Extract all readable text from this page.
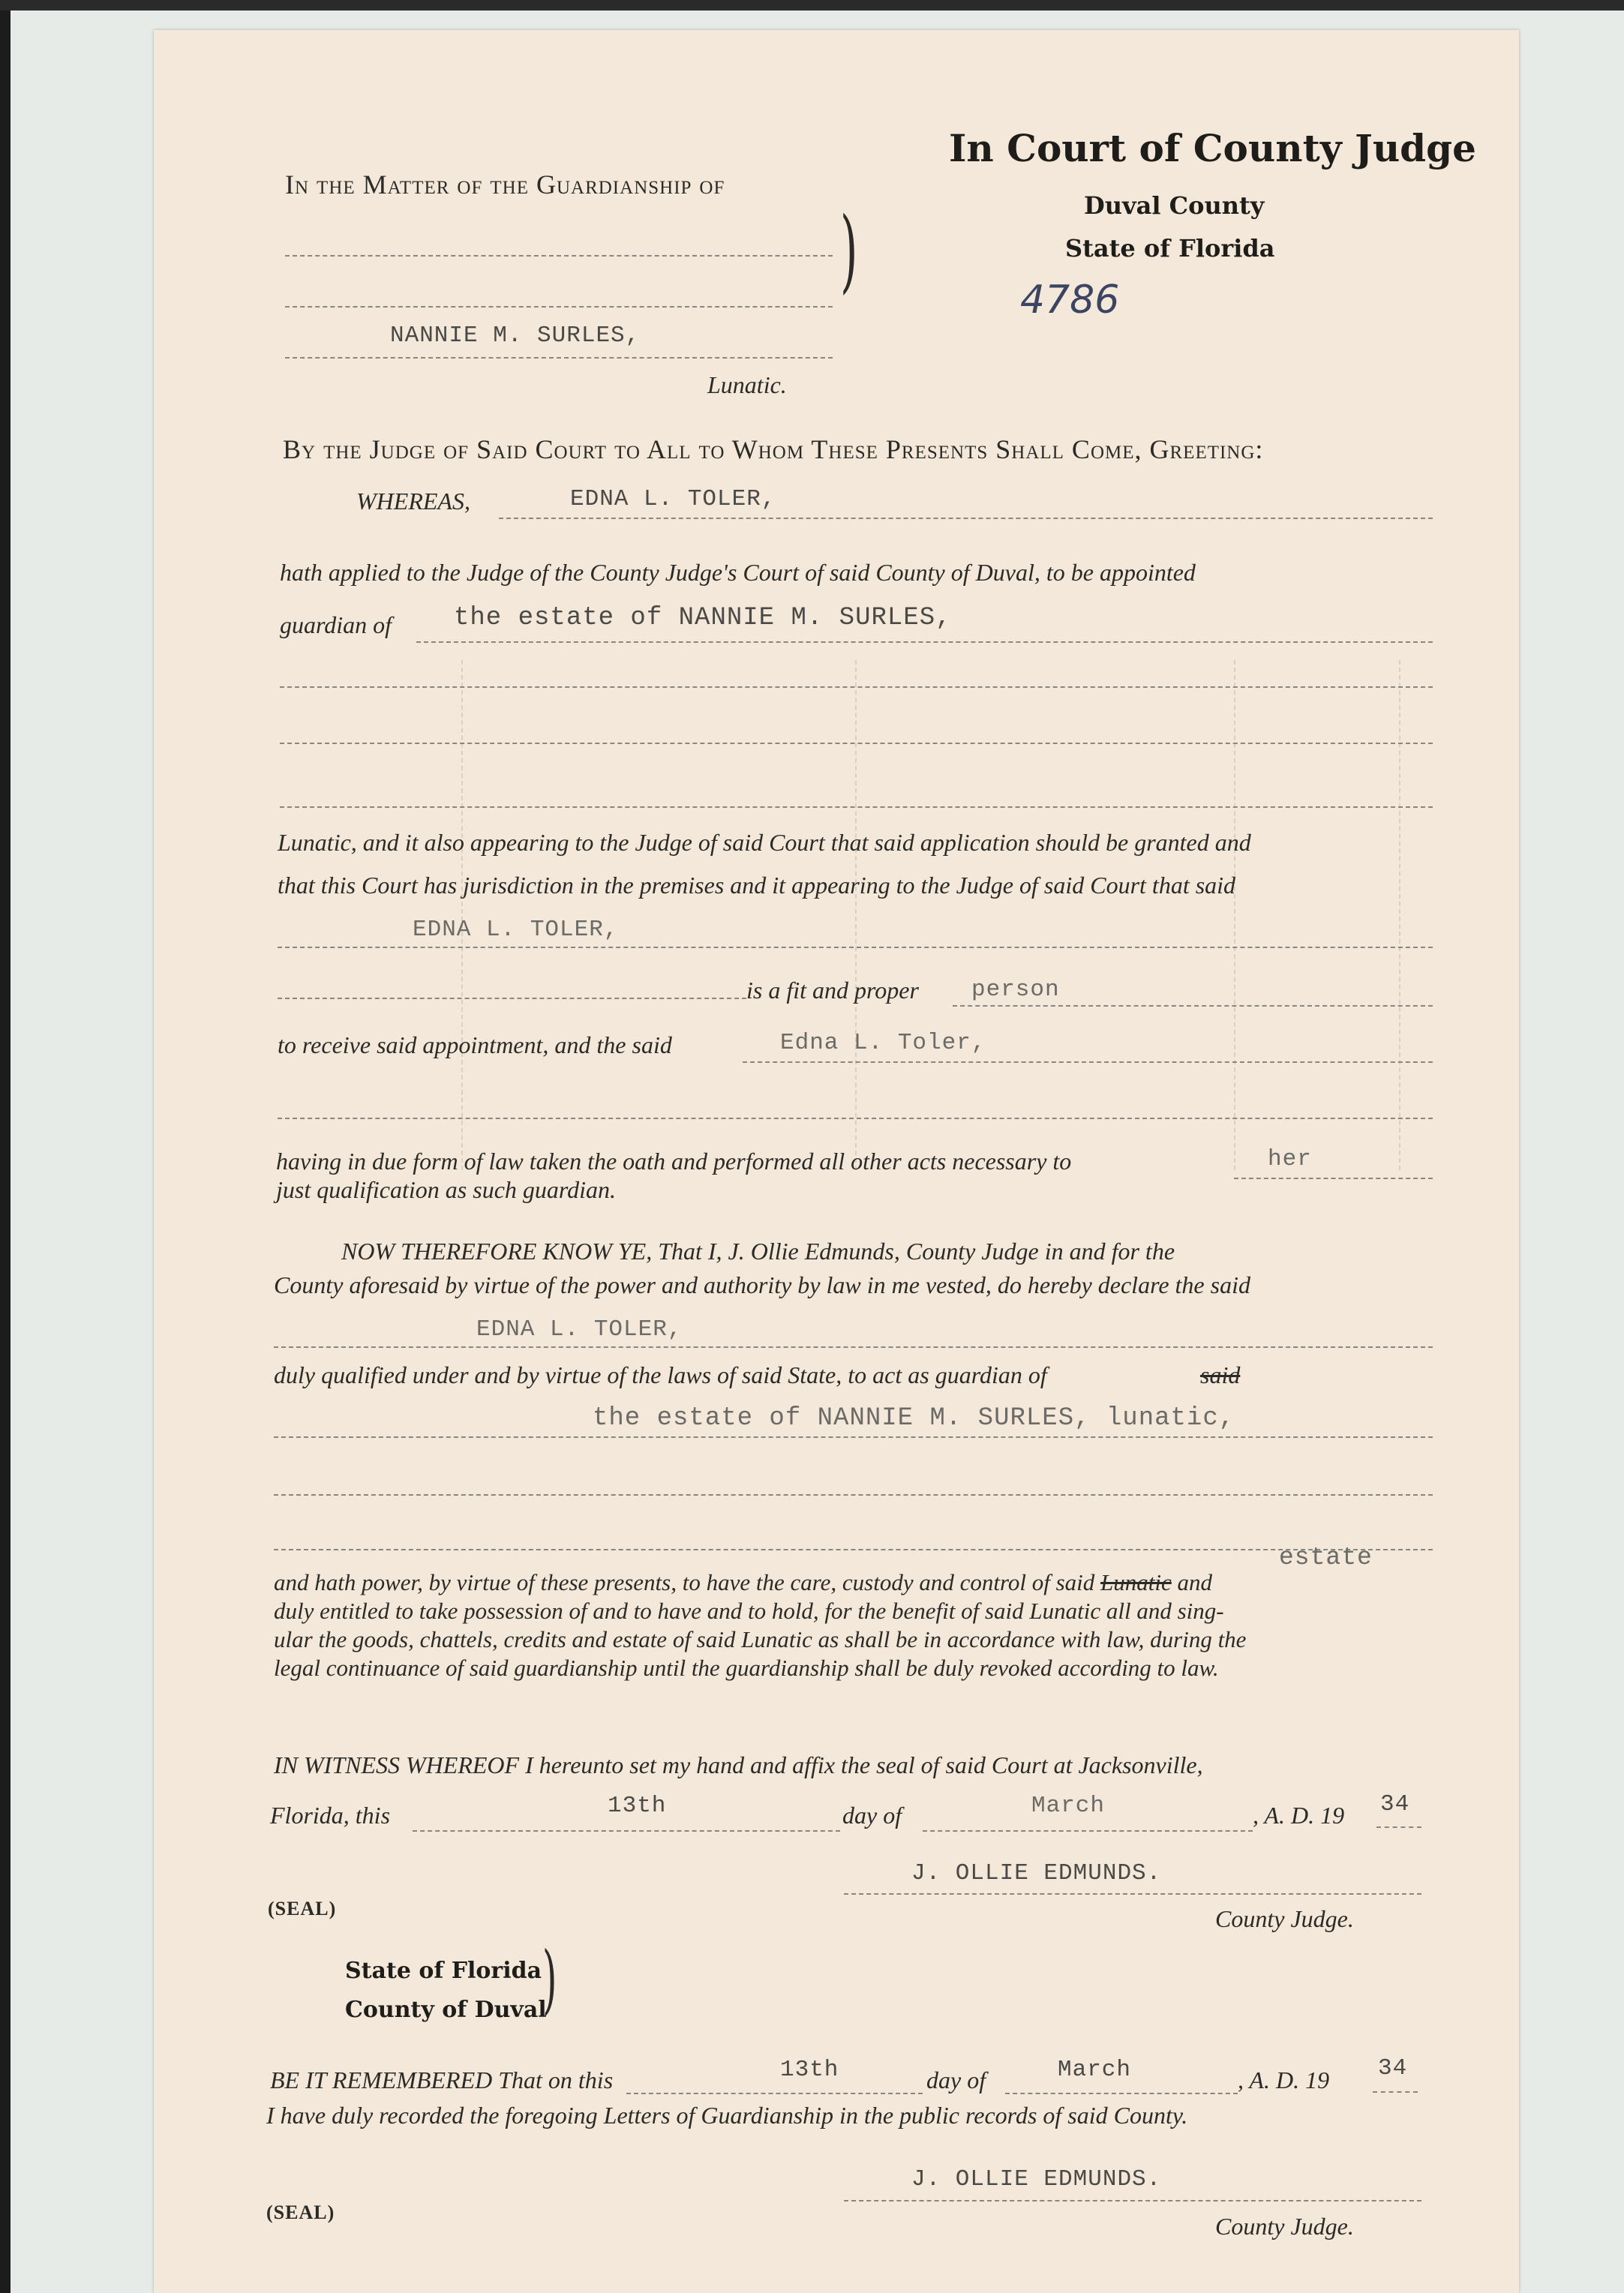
In Court of County Judge
Duval County
State of Florida
4786
In the Matter of the Guardianship of
NANNIE M. SURLES,
)
Lunatic.
By the Judge of Said Court to All to Whom These Presents Shall Come, Greeting:
WHEREAS,	EDNA L. TOLER,
hath applied to the Judge of the County Judge's Court of said County of Duval, to be appointed
guardian of the estate of NANNIE M. SURLES,
Lunatic, and it also appearing to the Judge of said Court that said application should be granted and
that this Court has jurisdiction in the premises and it appearing to the Judge of said Court that said
EDNA L. TOLER,
is a fit and proper person
to receive said appointment, and the said	Edna L. Toler,
having in due form of law taken the oath and performed all other acts necessary to	her
just qualification as such guardian.
NOW THEREFORE KNOW YE, That I, J. Ollie Edmunds, County Judge in and for the
County aforesaid by virtue of the power and authority by law in me vested, do hereby declare the said
EDNA L. TOLER,
duly qualified under and by virtue of the laws of said State, to act as guardian of	said
the estate of NANNIE M. SURLES, lunatic,
estate
and hath power, by virtue of these presents, to have the care, custody and control of said Lunatic and
duly entitled to take possession of and to have and to hold, for the benefit of said Lunatic all and sing-
ular the goods, chattels, credits and estate of said Lunatic as shall be in accordance with law, during the
legal continuance of said guardianship until the guardianship shall be duly revoked according to law.
IN WITNESS WHEREOF I hereunto set my hand and affix the seal of said Court at Jacksonville,
Florida, this	13th	day of	March	, A. D. 19 34
J. OLLIE EDMUNDS.
(SEAL)	County Judge.
State of Florida
County of Duval
)
BE IT REMEMBERED That on this	13th	day of	March	, A. D. 19 34
I have duly recorded the foregoing Letters of Guardianship in the public records of said County.
J. OLLIE EDMUNDS.
(SEAL)
County Judge.
